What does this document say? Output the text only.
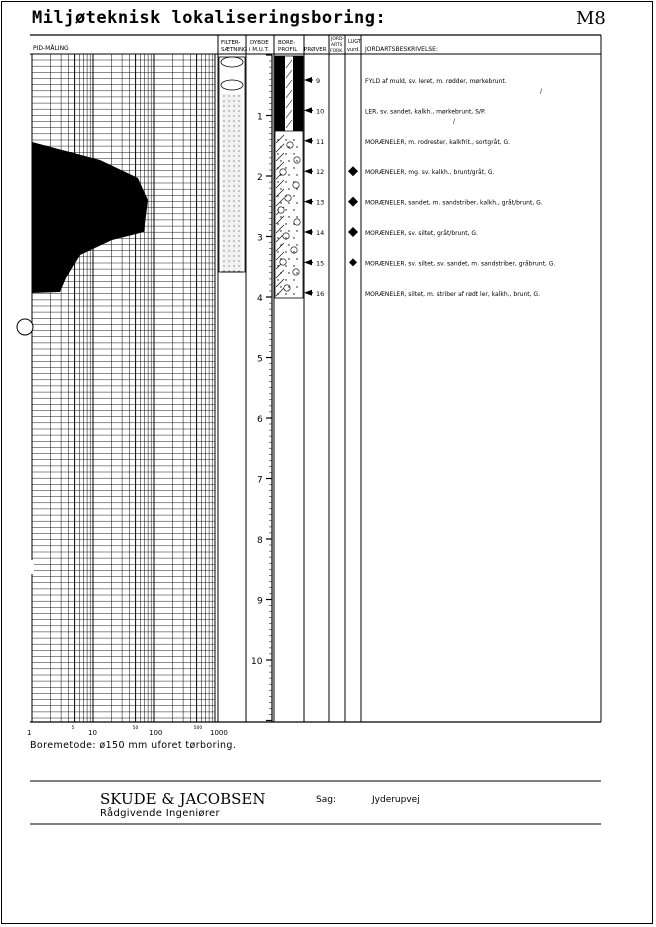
Miljøteknisk lokaliseringsboring:	M8
PID-MÅLING
FILTER-
SÆTNING
DYBDE
i M.U.T.
BORE-
PROFIL PRØVER
JORD-
ARTS
FORK.
LUGT
vurd. JORDARTSBESKRIVELSE:
1
2
3
4
5
6
7
8
9
10
1
5
10
50
100
500
1000
9	FYLD af muld, sv. leret, m. rødder, mørkebrunt.
10	LER, sv. sandet, kalkh., mørkebrunt, S/P.
11	MORÆNELER, m. rodrester, kalkfrit., sortgråt, G.
12	MORÆNELER, mg. sv. kalkh., brunt/gråt, G.
13	MORÆNELER, sandet, m. sandstriber, kalkh., gråt/brunt, G.
14	MORÆNELER, sv. siltet, gråt/brunt, G.
15	MORÆNELER, sv. siltet, sv. sandet, m. sandstriber, gråbrunt, G.
16	MORÆNELER, siltet, m. striber af rødt ler, kalkh., brunt, G.
/
/
Boremetode: ø150 mm uforet tørboring.
SKUDE & JACOBSEN
Rådgivende Ingeniører
Sag:	Jyderupvej
